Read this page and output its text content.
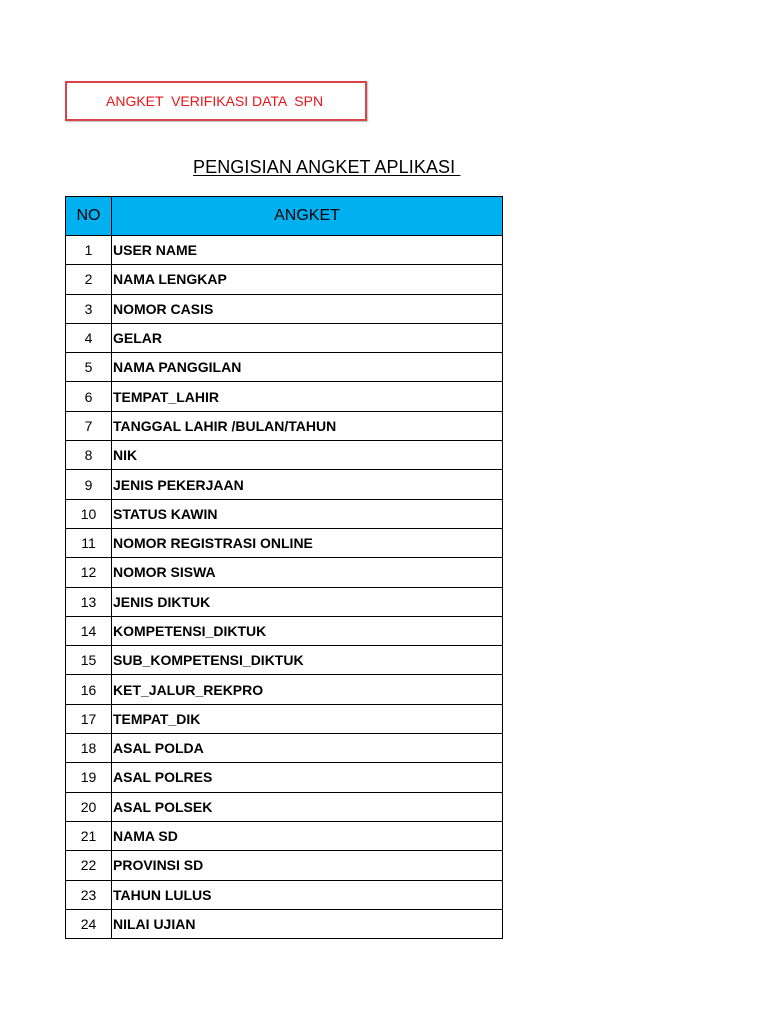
ANGKET  VERIFIKASI DATA  SPN
PENGISIAN ANGKET APLIKASI
NO	ANGKET
1	USER NAME
2	NAMA LENGKAP
3	NOMOR CASIS
4	GELAR
5	NAMA PANGGILAN
6	TEMPAT_LAHIR
7	TANGGAL LAHIR /BULAN/TAHUN
8	NIK
9	JENIS PEKERJAAN
10	STATUS KAWIN
11	NOMOR REGISTRASI ONLINE
12	NOMOR SISWA
13	JENIS DIKTUK
14	KOMPETENSI_DIKTUK
15	SUB_KOMPETENSI_DIKTUK
16	KET_JALUR_REKPRO
17	TEMPAT_DIK
18	ASAL POLDA
19	ASAL POLRES
20	ASAL POLSEK
21	NAMA SD
22	PROVINSI SD
23	TAHUN LULUS
24	NILAI UJIAN
